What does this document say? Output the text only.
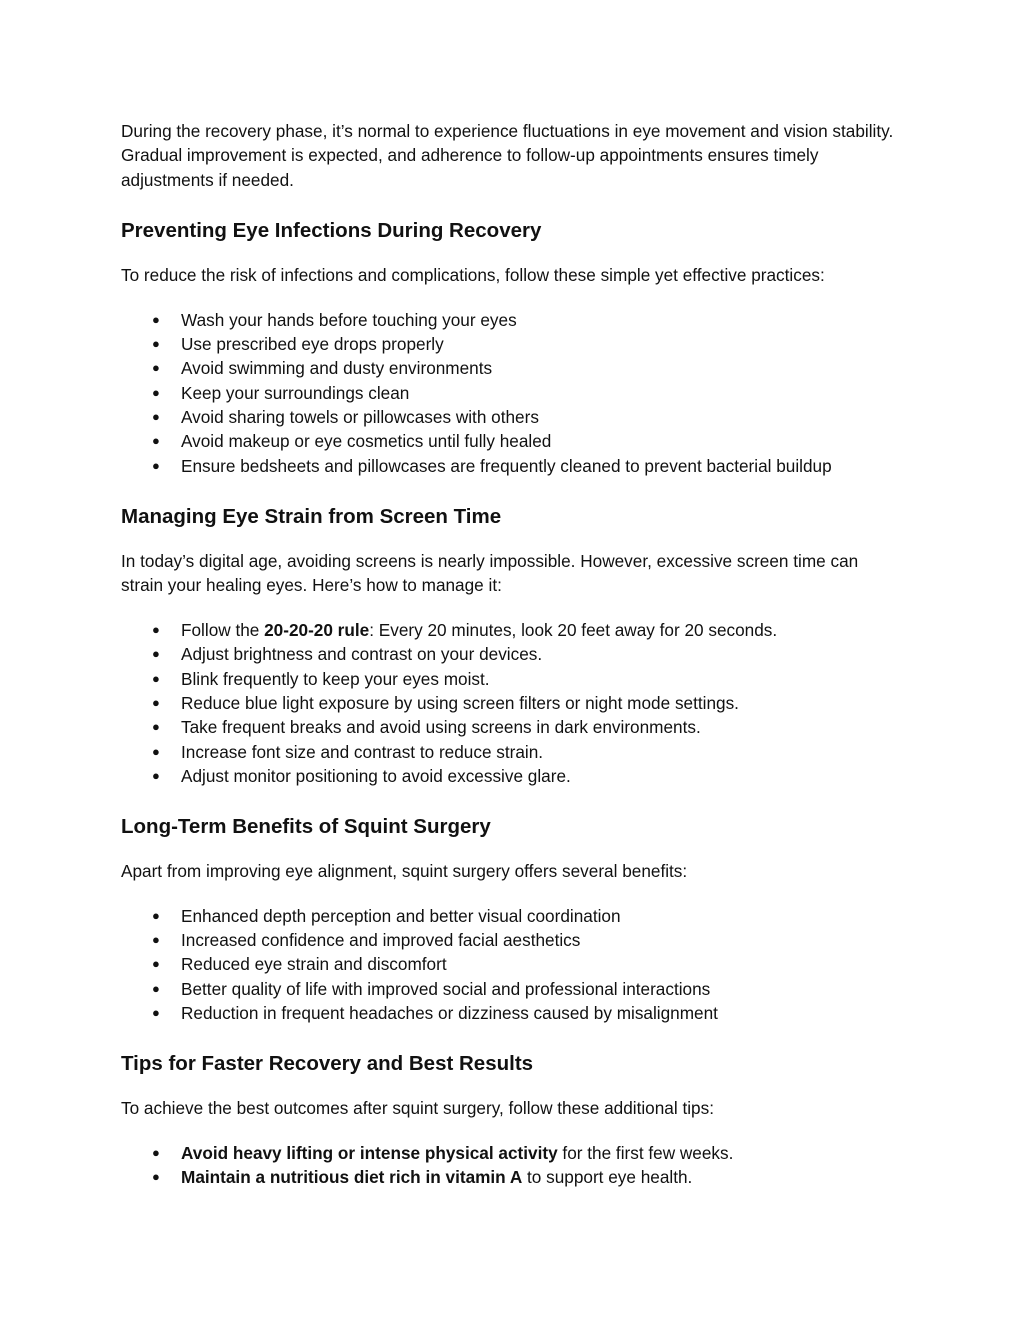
During the recovery phase, it’s normal to experience fluctuations in eye movement and vision stability. Gradual improvement is expected, and adherence to follow-up appointments ensures timely adjustments if needed.

Preventing Eye Infections During Recovery

To reduce the risk of infections and complications, follow these simple yet effective practices:

● Wash your hands before touching your eyes
● Use prescribed eye drops properly
● Avoid swimming and dusty environments
● Keep your surroundings clean
● Avoid sharing towels or pillowcases with others
● Avoid makeup or eye cosmetics until fully healed
● Ensure bedsheets and pillowcases are frequently cleaned to prevent bacterial buildup
Managing Eye Strain from Screen Time

In today’s digital age, avoiding screens is nearly impossible. However, excessive screen time can strain your healing eyes. Here’s how to manage it:

● Follow the 20-20-20 rule: Every 20 minutes, look 20 feet away for 20 seconds.
● Adjust brightness and contrast on your devices.
● Blink frequently to keep your eyes moist.
● Reduce blue light exposure by using screen filters or night mode settings.
● Take frequent breaks and avoid using screens in dark environments.
● Increase font size and contrast to reduce strain.
● Adjust monitor positioning to avoid excessive glare.
Long-Term Benefits of Squint Surgery

Apart from improving eye alignment, squint surgery offers several benefits:

● Enhanced depth perception and better visual coordination
● Increased confidence and improved facial aesthetics
● Reduced eye strain and discomfort
● Better quality of life with improved social and professional interactions
● Reduction in frequent headaches or dizziness caused by misalignment
Tips for Faster Recovery and Best Results

To achieve the best outcomes after squint surgery, follow these additional tips:

● Avoid heavy lifting or intense physical activity for the first few weeks.
● Maintain a nutritious diet rich in vitamin A to support eye health.
